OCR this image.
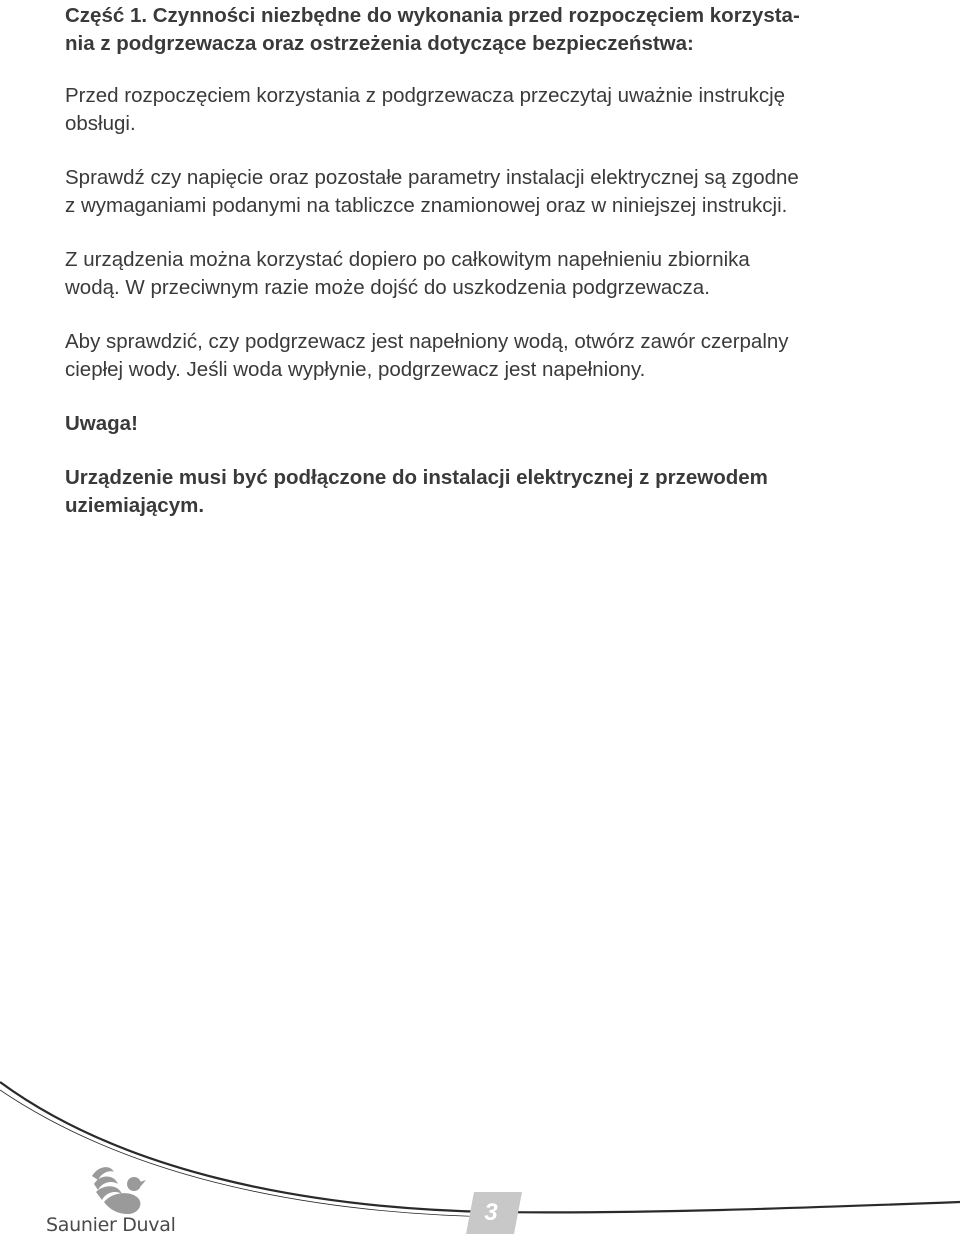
Część 1. Czynności niezbędne do wykonania przed rozpoczęciem korzysta-
nia z podgrzewacza oraz ostrzeżenia dotyczące bezpieczeństwa:

Przed rozpoczęciem korzystania z podgrzewacza przeczytaj uważnie instrukcję
obsługi.

Sprawdź czy napięcie oraz pozostałe parametry instalacji elektrycznej są zgodne
z wymaganiami podanymi na tabliczce znamionowej oraz w niniejszej instrukcji.

Z urządzenia można korzystać dopiero po całkowitym napełnieniu zbiornika
wodą. W przeciwnym razie może dojść do uszkodzenia podgrzewacza.

Aby sprawdzić, czy podgrzewacz jest napełniony wodą, otwórz zawór czerpalny
ciepłej wody. Jeśli woda wypłynie, podgrzewacz jest napełniony.

Uwaga!

Urządzenie musi być podłączone do instalacji elektrycznej z przewodem
uziemiającym.

Saunier Duval	3
